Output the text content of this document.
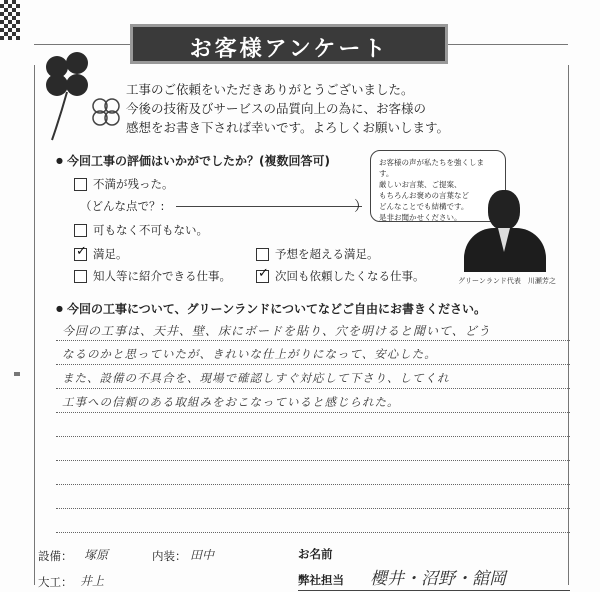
お客様アンケート
工事のご依頼をいただきありがとうございました。
今後の技術及びサービスの品質向上の為に、お客様の
感想をお書き下されば幸いです。よろしくお願いします。
● 今回工事の評価はいかがでしたか？(複数回答可)
不満が残った。
（どんな点で？:	）
可もなく不可もない。
✓
満足。	予想を超える満足。
知人等に紹介できる仕事。
✓	次回も依頼したくなる仕事。

お客様の声が私たちを強くします。

厳しいお言葉、ご提案、

もちろんお褒めの言葉など

どんなことでも結構です。

是非お聞かせください。

グリーンランド代表　川瀬芳之
● 今回の工事について、グリーンランドについてなどご自由にお書きください。
今回の工事は、天井、壁、床にボードを貼り、穴を明けると聞いて、どう
なるのかと思っていたが、きれいな仕上がりになって、安心した。
また、設備の不具合を、現場で確認しすぐ対応して下さり、してくれ
工事への信頼のある取組みをおこなっていると感じられた。
設備： 塚原	内装： 田中
大工： 井上
お名前
弊社担当 櫻井・沼野・舘岡
